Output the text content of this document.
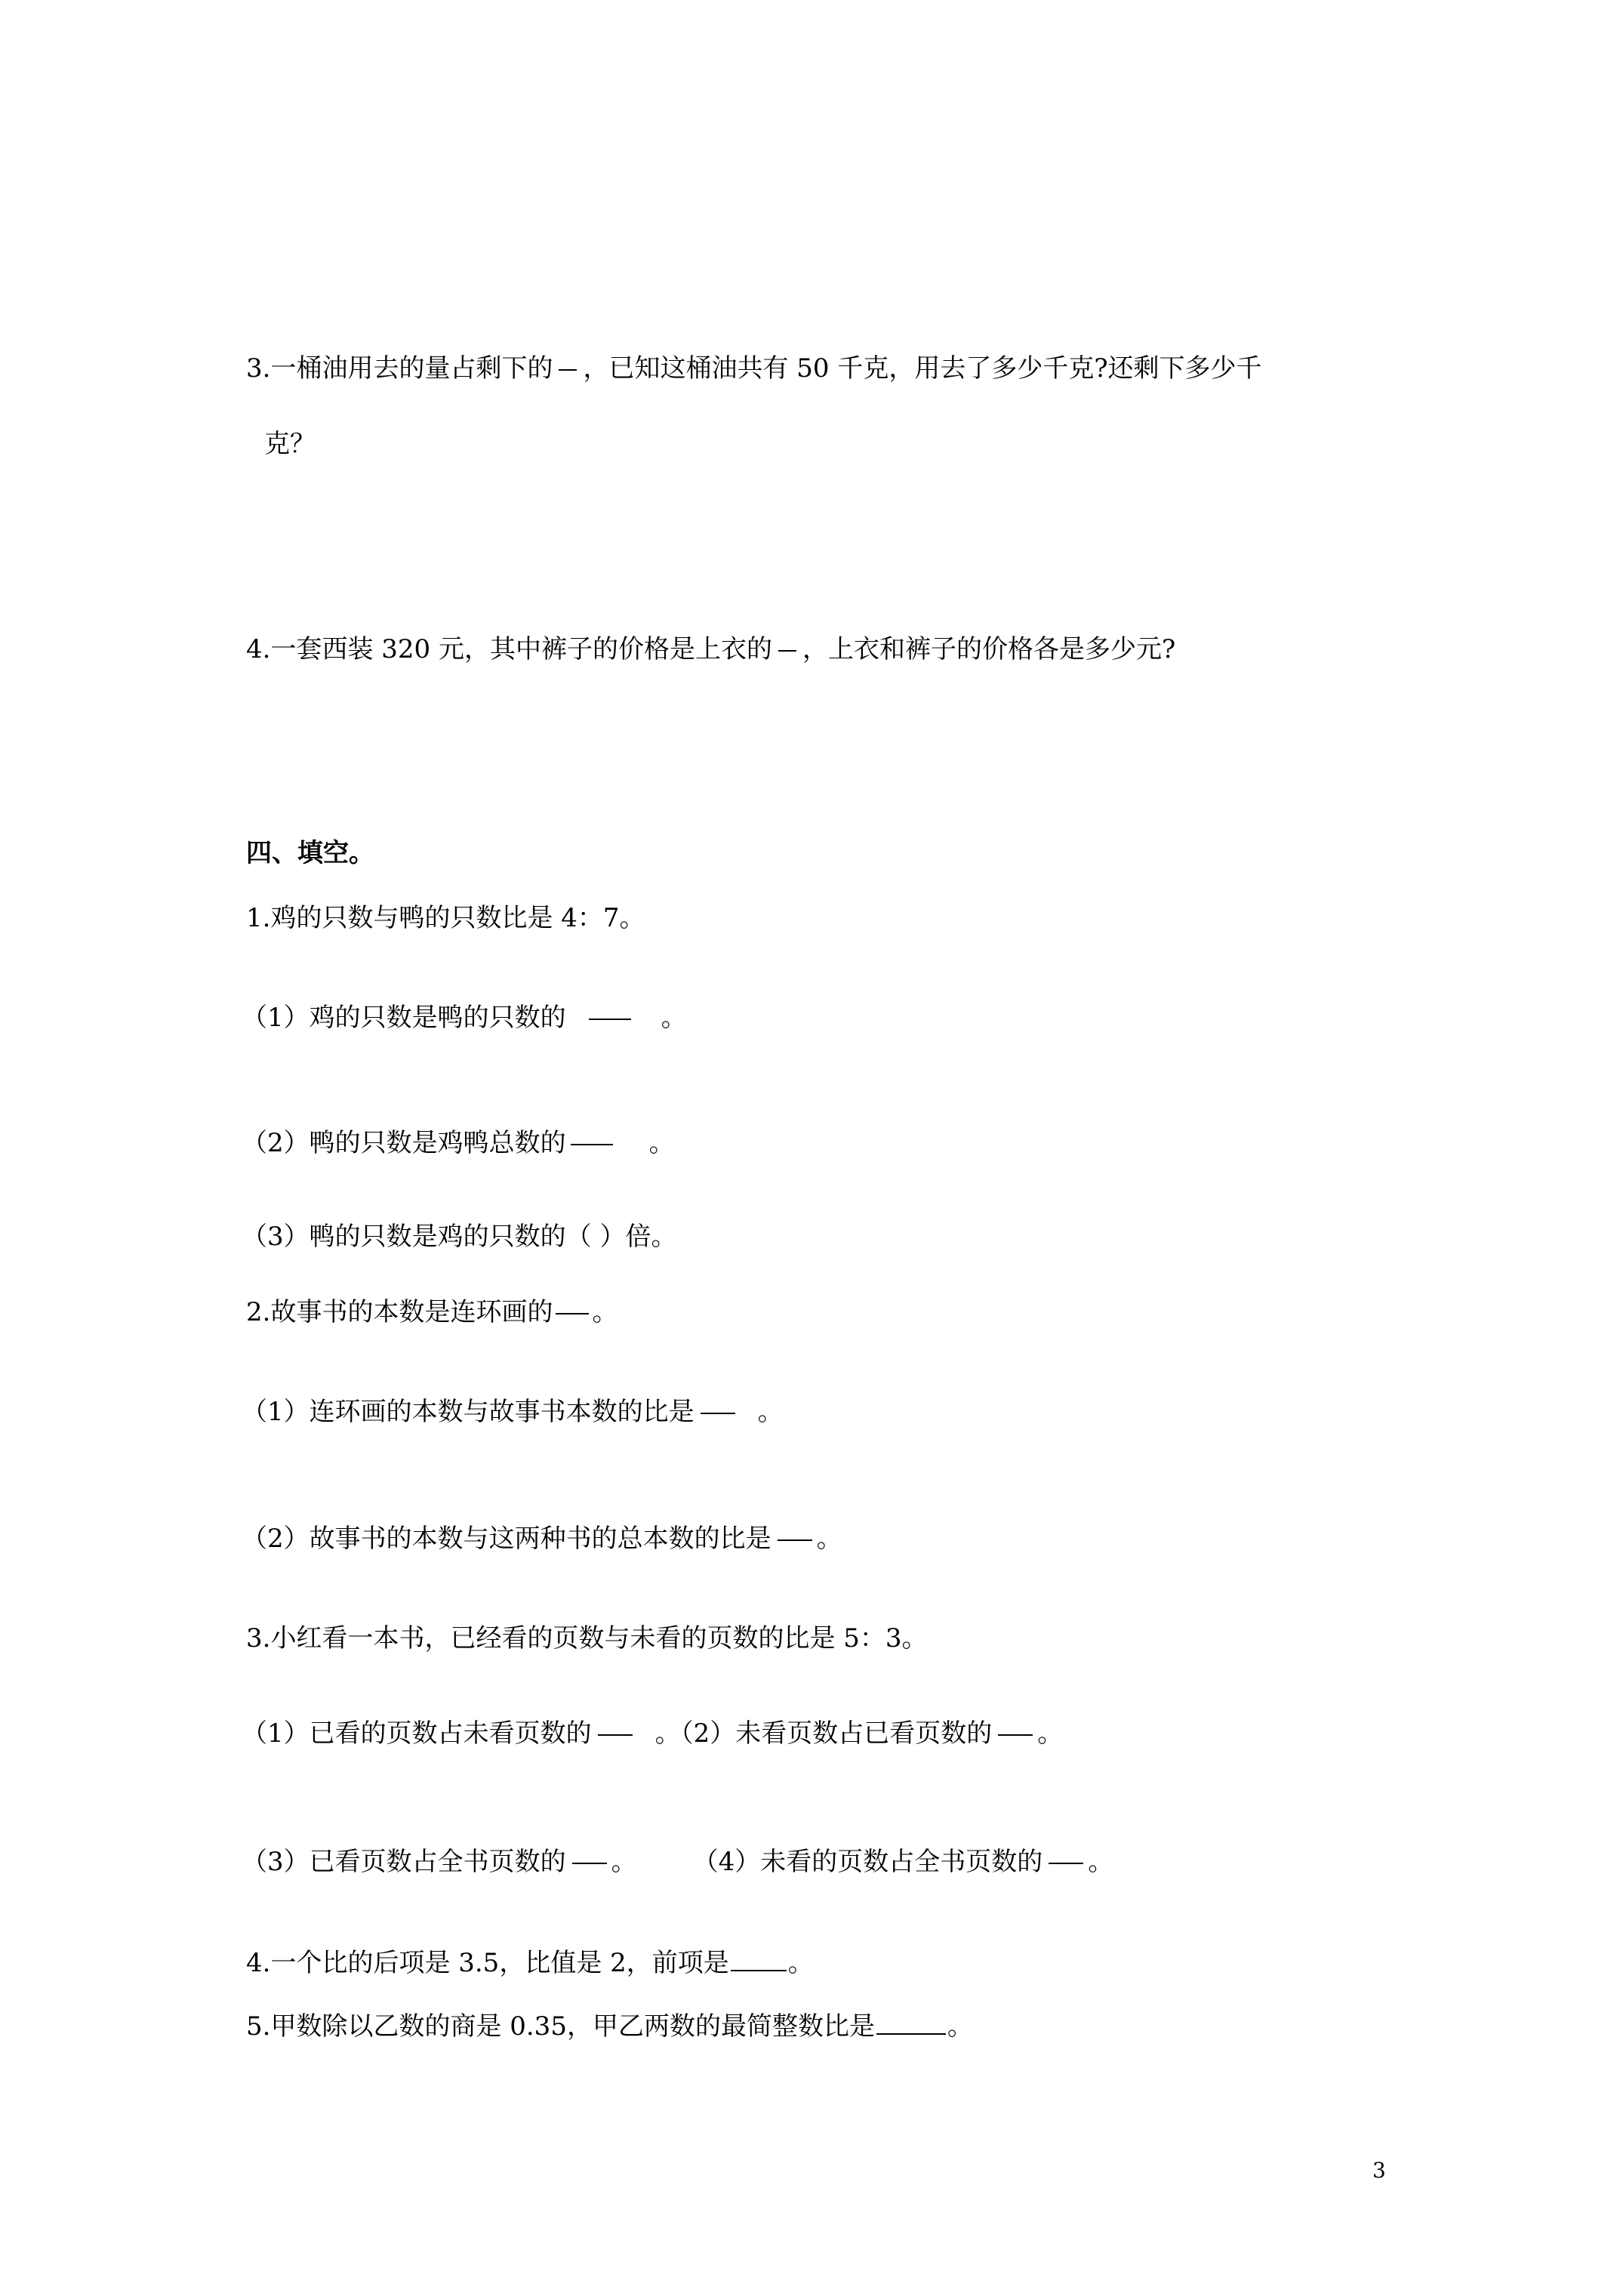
3.一桶油用去的量占剩下的 ，已知这桶油共有 50 千克，用去了多少千克?还剩下多少千
克？
4.一套西装 320 元，其中裤子的价格是上衣的 ，上衣和裤子的价格各是多少元?
四、填空。
1.鸡的只数与鸭的只数比是 4：7。
（1）鸡的只数是鸭的只数的	。
（2）鸭的只数是鸡鸭总数的	。
（3）鸭的只数是鸡的只数的（ ）倍。
2.故事书的本数是连环画的 。
（1）连环画的本数与故事书本数的比是 。
（2）故事书的本数与这两种书的总本数的比是 。
3.小红看一本书，已经看的页数与未看的页数的比是 5：3。
（1）已看的页数占未看页数的 。（2）未看页数占已看页数的 。
（3）已看页数占全书页数的 。 （4）未看的页数占全书页数的 。
4.一个比的后项是 3.5，比值是 2，前项是 。
5.甲数除以乙数的商是 0.35，甲乙两数的最简整数比是	。
3
